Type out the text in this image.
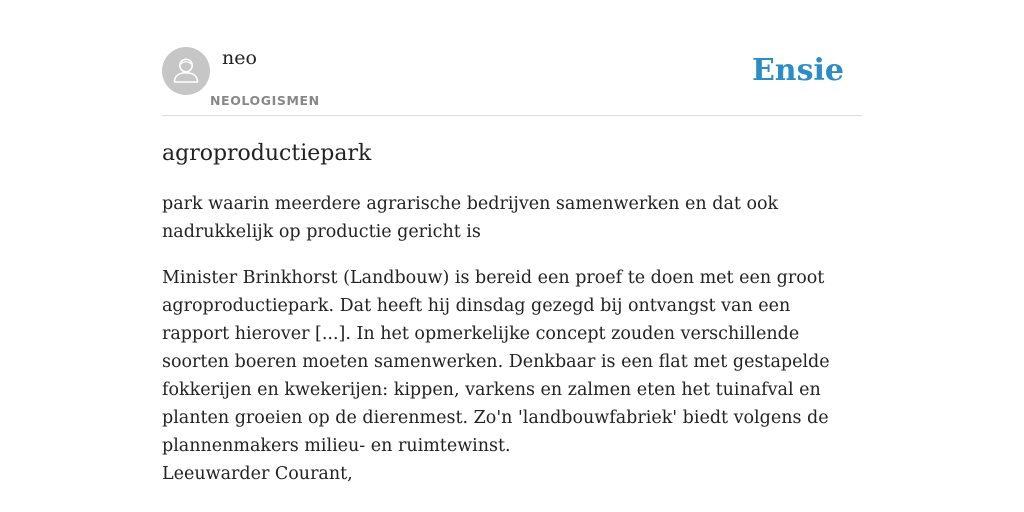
neo
NEOLOGISMEN
Ensie
agroproductiepark

park waarin meerdere agrarische bedrijven samenwerken en dat ook nadrukkelijk op productie gericht is

Minister Brinkhorst (Landbouw) is bereid een proef te doen met een groot agroproductiepark. Dat heeft hij dinsdag gezegd bij ontvangst van een rapport hierover [...]. In het opmerkelijke concept zouden verschillende soorten boeren moeten samenwerken. Denkbaar is een flat met gestapelde fokkerijen en kwekerijen: kippen, varkens en zalmen eten het tuinafval en planten groeien op de dierenmest. Zo'n 'landbouwfabriek' biedt volgens de plannenmakers milieu- en ruimtewinst.

Leeuwarder Courant,
